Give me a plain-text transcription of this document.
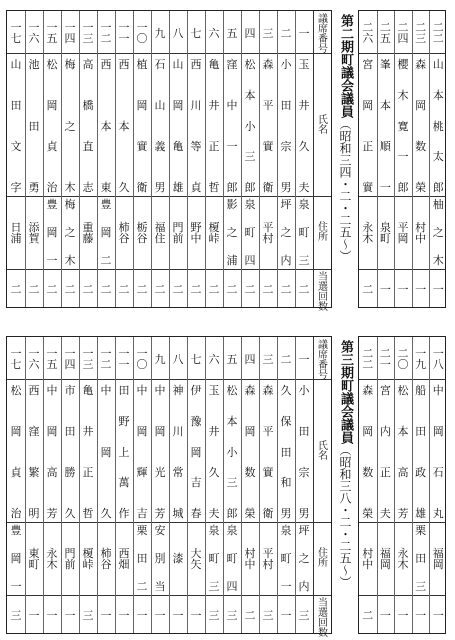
議
席
番
号
氏
名
住
所
当
選
回
数
一
玉
井
久
夫
泉
町
三
二
二
小
田
宗
男
坪
之
内
二
三
森
平
實
衛
平
村
二
四
松
本
小
三
郎
泉
町
四
二
五
窪
中
一
郎
影
之
浦
二
六
亀
井
正
哲
榎
峠
二
七
西
川
等
貞
野
中
二
八
山
岡
亀
雄
門
前
二
九
石
山
義
男
福
住
二
一
〇
植
岡
實
衛
栃
谷
二
一
一
西
本
久
柿
谷
二
一
二
西
本
東
豊
岡
二
二
一
三
高
橋
直
志
重
藤
二
一
四
梅
之
木
梅
之
木
二
一
五
松
岡
貞
治
豊
岡
一
二
一
六
池
田
勇
添
賀
二
一
七
山
田
文
字
日
浦
二
二
二
山
本
桃
太
郎
柚
之
木
一
二
三
森
岡
数
榮
村
中
一
二
四
櫻
木
寛
一
郎
平
岡
一
二
五
峯
本
順
一
泉
町
一
二
六
宮
岡
正
實
永
木
二
第二期町議会議員（昭和三四・二・二五～）
議
席
番
号
氏
名
住
所
当
選
回
数
一
小
田
宗
男
坪
之
内
三
二
久
保
田
和
男
泉
町
一
一
三
森
平
實
衛
平
村
三
四
森
岡
数
榮
村
中
二
五
松
本
小
三
郎
泉
町
四
三
六
玉
井
久
夫
泉
町
三
三
七
伊
豫
岡
吉
春
大
矢
一
八
神
川
常
城
漆
一
九
中
岡
光
芳
安
別
当
一
一
〇
中
岡
輝
吉
栗
田
二
一
一
一
田
野
上
萬
作
西
畑
一
一
二
中
岡
久
柿
谷
一
一
三
亀
井
正
哲
榎
峠
三
一
四
市
田
勝
久
門
前
一
一
五
中
岡
高
芳
永
木
一
一
六
西
窪
繁
明
東
町
一
一
七
松
岡
貞
治
豊
岡
一
三
一
八
中
岡
石
丸
福
岡
一
一
九
船
田
政
雄
栗
田
三
一
二
〇
松
本
高
芳
永
木
一
二
一
宮
内
正
夫
福
岡
一
二
二
森
岡
数
榮
村
中
二
第三期町議会議員（昭和三八・二・二五～）
